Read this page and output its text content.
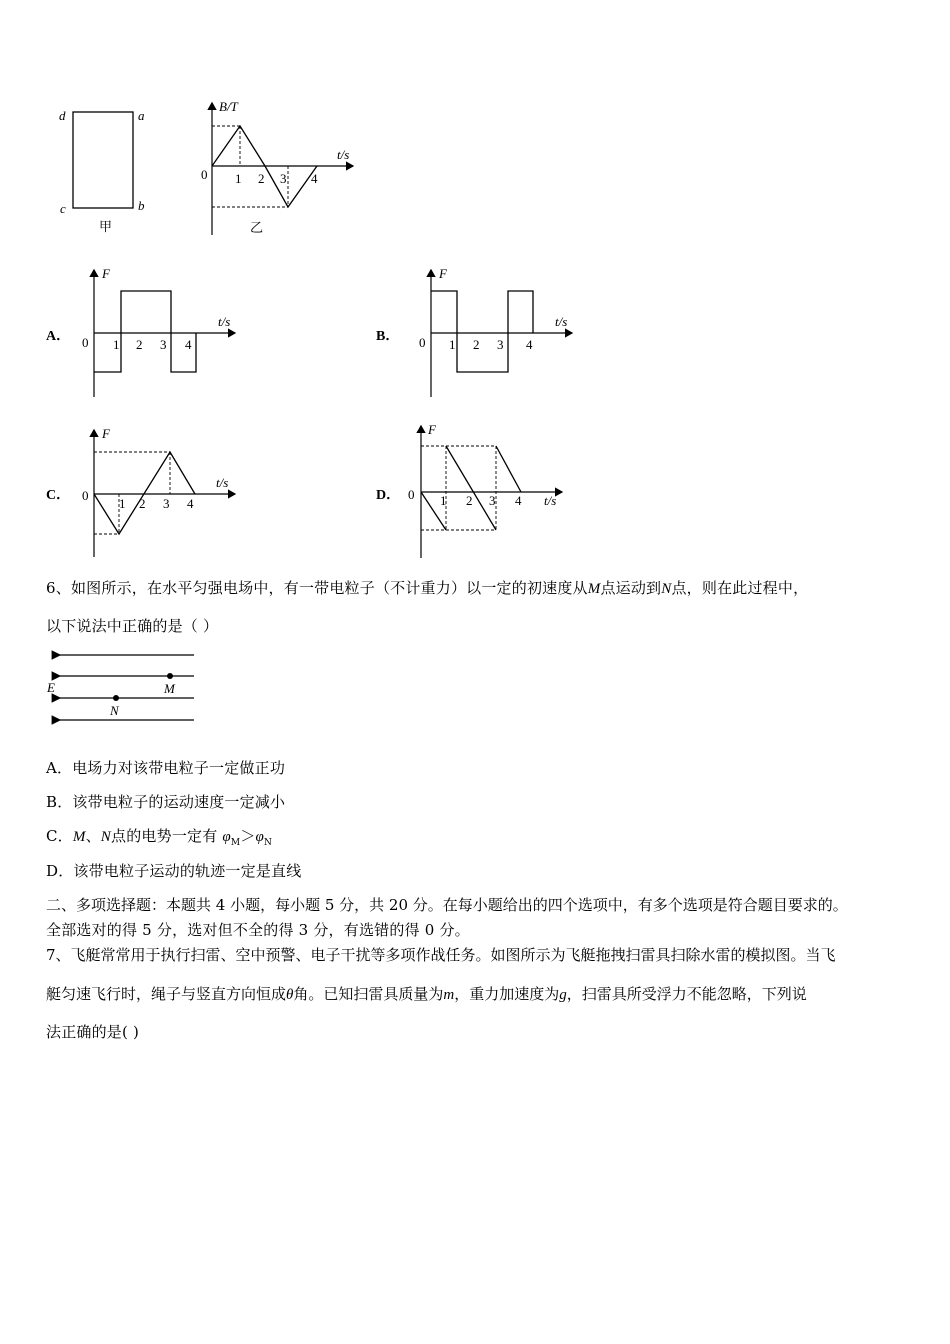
d	a
c	b
甲
B/T
t/s
0 1 2 3 4
乙
A．
F
t/s
0 1 2 3 4
B．
F
t/s
0 1 2 3 4
C．
F
t/s
0
1 2 3 4
D．
F
t/s
0 1 2 3 4
6、如图所示，在水平匀强电场中，有一带电粒子（不计重力）以一定的初速度从M点运动到N点，则在此过程中，
以下说法中正确的是（ ）
E	M
N
A．电场力对该带电粒子一定做正功
B．该带电粒子的运动速度一定减小
C．M、N点的电势一定有 $\varphi_M>\varphi_N$
D．该带电粒子运动的轨迹一定是直线
二、多项选择题：本题共 4 小题，每小题 5 分，共 20 分。在每小题给出的四个选项中，有多个选项是符合题目要求的。
全部选对的得 5 分，选对但不全的得 3 分，有选错的得 0 分。
7、飞艇常常用于执行扫雷、空中预警、电子干扰等多项作战任务。如图所示为飞艇拖拽扫雷具扫除水雷的模拟图。当飞
艇匀速飞行时，绳子与竖直方向恒成θ角。已知扫雷具质量为m，重力加速度为g，扫雷具所受浮力不能忽略，下列说
法正确的是( )
